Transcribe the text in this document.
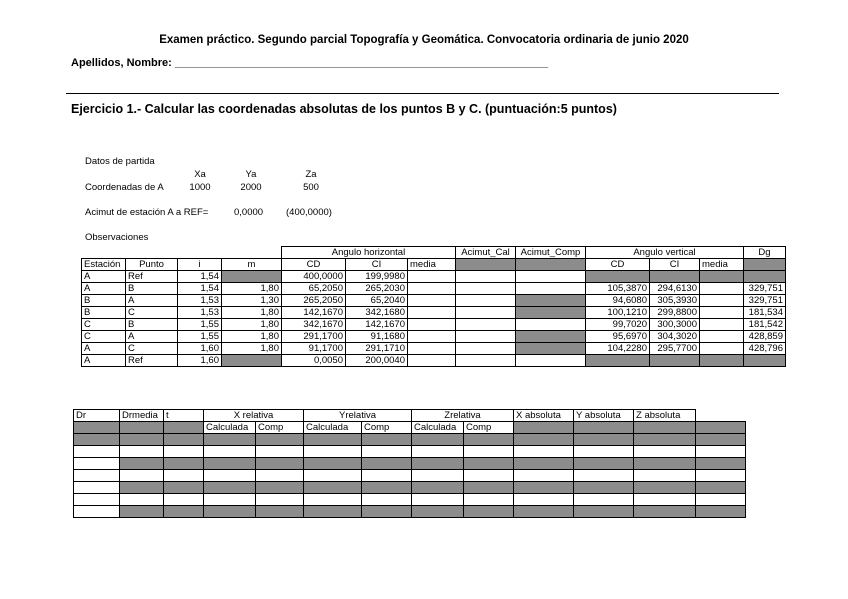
Examen práctico. Segundo parcial Topografía y Geomática. Convocatoria ordinaria de junio 2020
Apellidos, Nombre: _____________________________________________________________
Ejercicio 1.- Calcular las coordenadas absolutas de los puntos B y C. (puntuación:5 puntos)
Datos de partida
Xa	Ya	Za
Coordenadas de A	1000	2000	500
Acimut de estación A a REF=	0,0000 (400,0000)
Observaciones
				Angulo horizontal			Acimut_Cal	Acimut_Comp	Angulo vertical			Dg
Estación	Punto	i	m	CD	CI	media			CD	CI	media	
A	Ref	1,54		400,0000	199,9980							
A	B	1,54	1,80	65,2050	265,2030				105,3870	294,6130		329,751
B	A	1,53	1,30	265,2050	65,2040				94,6080	305,3930		329,751
B	C	1,53	1,80	142,1670	342,1680				100,1210	299,8800		181,534
C	B	1,55	1,80	342,1670	142,1670				99,7020	300,3000		181,542
C	A	1,55	1,80	291,1700	91,1680				95,6970	304,3020		428,859
A	C	1,60	1,80	91,1700	291,1710				104,2280	295,7700		428,796
A	Ref	1,60		0,0050	200,0040							
Dr	Drmedia	t	X relativa		Yrelativa		Zrelativa		X absoluta	Y absoluta	Z absoluta	
			Calculada	Comp	Calculada	Comp	Calculada	Comp				
